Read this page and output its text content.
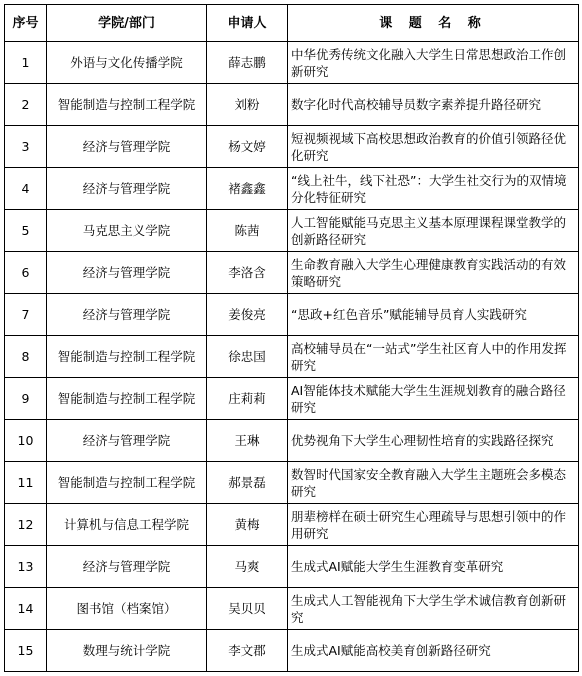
序号	学院/部门	申请人	课 题 名 称
1	外语与文化传播学院	薛志鹏	中华优秀传统文化融入大学生日常思想政治工作创新研究
2	智能制造与控制工程学院	刘粉	数字化时代高校辅导员数字素养提升路径研究
3	经济与管理学院	杨文婷	短视频视域下高校思想政治教育的价值引领路径优化研究
4	经济与管理学院	褚鑫鑫	“线上社牛，线下社恐”：大学生社交行为的双情境分化特征研究
5	马克思主义学院	陈茜	人工智能赋能马克思主义基本原理课程课堂教学的创新路径研究
6	经济与管理学院	李洛含	生命教育融入大学生心理健康教育实践活动的有效策略研究
7	经济与管理学院	姜俊亮	“思政+红色音乐”赋能辅导员育人实践研究
8	智能制造与控制工程学院	徐忠国	高校辅导员在“一站式”学生社区育人中的作用发挥研究
9	智能制造与控制工程学院	庄莉莉	AI智能体技术赋能大学生生涯规划教育的融合路径研究
10	经济与管理学院	王琳	优势视角下大学生心理韧性培育的实践路径探究
11	智能制造与控制工程学院	郝景磊	数智时代国家安全教育融入大学生主题班会多模态研究
12	计算机与信息工程学院	黄梅	朋辈榜样在硕士研究生心理疏导与思想引领中的作用研究
13	经济与管理学院	马爽	生成式AI赋能大学生生涯教育变革研究
14	图书馆（档案馆）	吴贝贝	生成式人工智能视角下大学生学术诚信教育创新研究
15	数理与统计学院	李文郡	生成式AI赋能高校美育创新路径研究
